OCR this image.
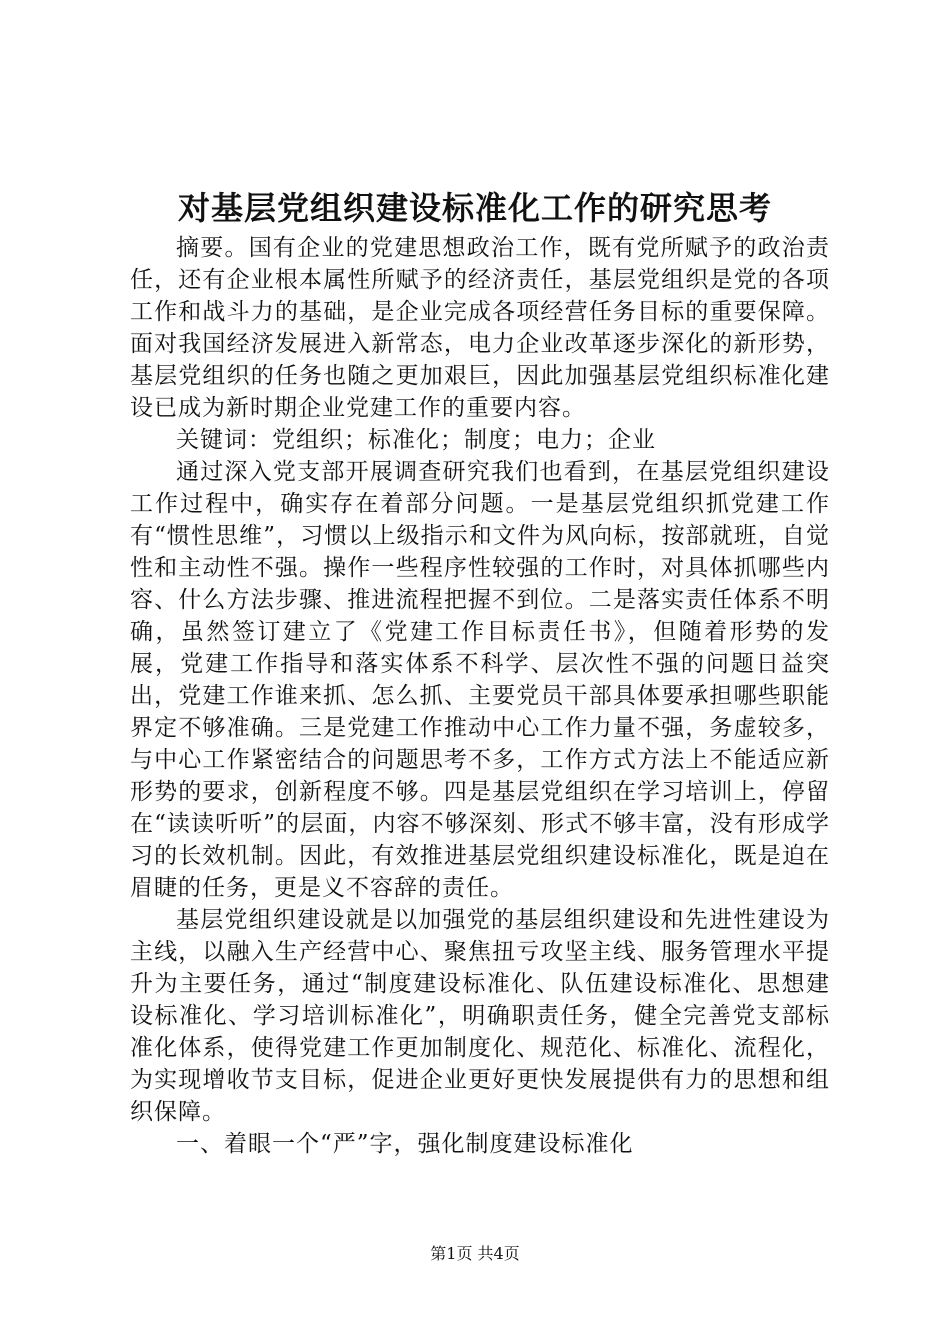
对基层党组织建设标准化工作的研究思考

摘要。国有企业的党建思想政治工作，既有党所赋予的政治责任，还有企业根本属性所赋予的经济责任，基层党组织是党的各项工作和战斗力的基础，是企业完成各项经营任务目标的重要保障。面对我国经济发展进入新常态，电力企业改革逐步深化的新形势，基层党组织的任务也随之更加艰巨，因此加强基层党组织标准化建设已成为新时期企业党建工作的重要内容。

关键词：党组织；标准化；制度；电力；企业

通过深入党支部开展调查研究我们也看到，在基层党组织建设工作过程中，确实存在着部分问题。一是基层党组织抓党建工作有“惯性思维”，习惯以上级指示和文件为风向标，按部就班，自觉性和主动性不强。操作一些程序性较强的工作时，对具体抓哪些内容、什么方法步骤、推进流程把握不到位。二是落实责任体系不明确，虽然签订建立了《党建工作目标责任书》，但随着形势的发展，党建工作指导和落实体系不科学、层次性不强的问题日益突出，党建工作谁来抓、怎么抓、主要党员干部具体要承担哪些职能界定不够准确。三是党建工作推动中心工作力量不强，务虚较多，与中心工作紧密结合的问题思考不多，工作方式方法上不能适应新形势的要求，创新程度不够。四是基层党组织在学习培训上，停留在“读读听听”的层面，内容不够深刻、形式不够丰富，没有形成学习的长效机制。因此，有效推进基层党组织建设标准化，既是迫在眉睫的任务，更是义不容辞的责任。

基层党组织建设就是以加强党的基层组织建设和先进性建设为主线，以融入生产经营中心、聚焦扭亏攻坚主线、服务管理水平提升为主要任务，通过“制度建设标准化、队伍建设标准化、思想建设标准化、学习培训标准化”，明确职责任务，健全完善党支部标准化体系，使得党建工作更加制度化、规范化、标准化、流程化，为实现增收节支目标，促进企业更好更快发展提供有力的思想和组织保障。

一、着眼一个“严”字，强化制度建设标准化

第1页 共4页
